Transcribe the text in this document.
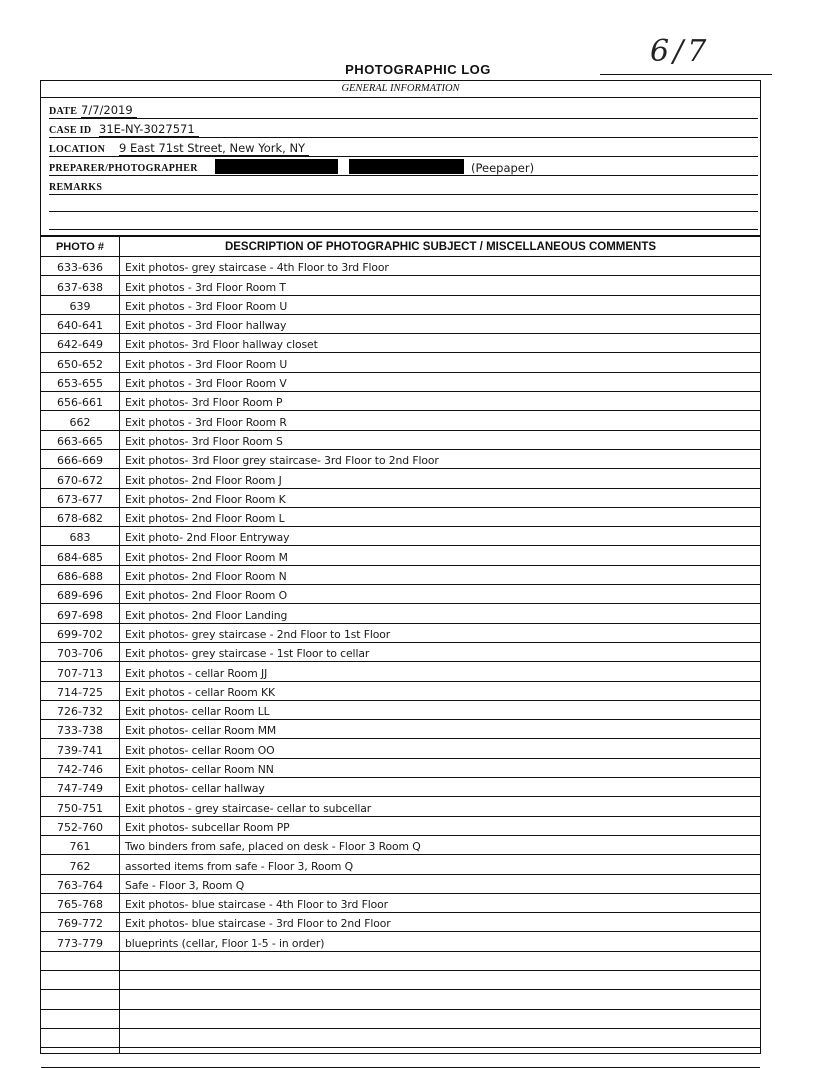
6/7
PHOTOGRAPHIC LOG
GENERAL INFORMATION
DATE 7/7/2019
CASE ID 31E-NY-3027571
LOCATION 9 East 71st Street, New York, NY
PREPARER/PHOTOGRAPHER	(Peepaper)
REMARKS
PHOTO #	DESCRIPTION OF PHOTOGRAPHIC SUBJECT / MISCELLANEOUS COMMENTS
633-636	Exit photos- grey staircase - 4th Floor to 3rd Floor
637-638	Exit photos - 3rd Floor Room T
639	Exit photos - 3rd Floor Room U
640-641	Exit photos - 3rd Floor hallway
642-649	Exit photos- 3rd Floor hallway closet
650-652	Exit photos - 3rd Floor Room U
653-655	Exit photos - 3rd Floor Room V
656-661	Exit photos- 3rd Floor Room P
662	Exit photos - 3rd Floor Room R
663-665	Exit photos- 3rd Floor Room S
666-669	Exit photos- 3rd Floor grey staircase- 3rd Floor to 2nd Floor
670-672	Exit photos- 2nd Floor Room J
673-677	Exit photos- 2nd Floor Room K
678-682	Exit photos- 2nd Floor Room L
683	Exit photo- 2nd Floor Entryway
684-685	Exit photos- 2nd Floor Room M
686-688	Exit photos- 2nd Floor Room N
689-696	Exit photos- 2nd Floor Room O
697-698	Exit photos- 2nd Floor Landing
699-702	Exit photos- grey staircase - 2nd Floor to 1st Floor
703-706	Exit photos- grey staircase - 1st Floor to cellar
707-713	Exit photos - cellar Room JJ
714-725	Exit photos - cellar Room KK
726-732	Exit photos- cellar Room LL
733-738	Exit photos- cellar Room MM
739-741	Exit photos- cellar Room OO
742-746	Exit photos- cellar Room NN
747-749	Exit photos- cellar hallway
750-751	Exit photos - grey staircase- cellar to subcellar
752-760	Exit photos- subcellar Room PP
761	Two binders from safe, placed on desk - Floor 3 Room Q
762	assorted items from safe - Floor 3, Room Q
763-764	Safe - Floor 3, Room Q
765-768	Exit photos- blue staircase - 4th Floor to 3rd Floor
769-772	Exit photos- blue staircase - 3rd Floor to 2nd Floor
773-779	blueprints (cellar, Floor 1-5 - in order)
